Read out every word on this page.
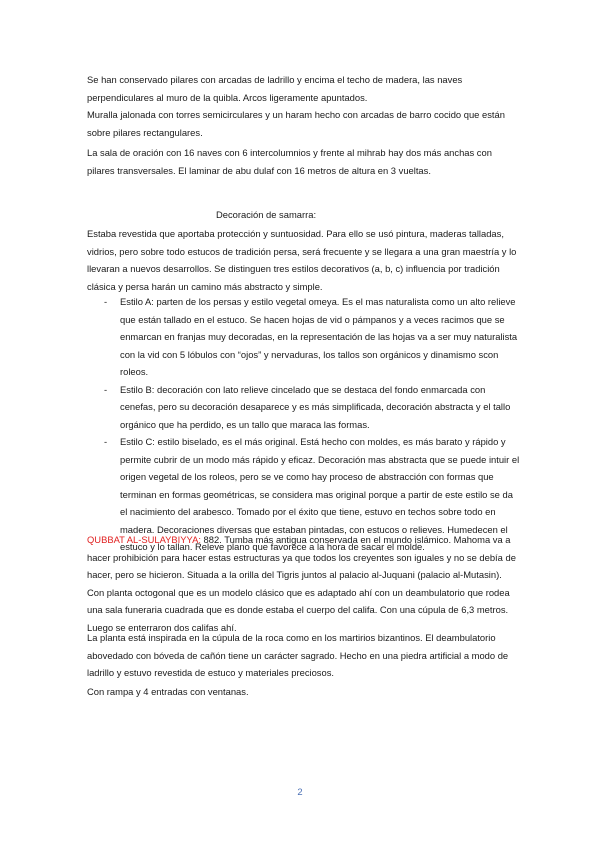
Se han conservado pilares con arcadas de ladrillo y encima el techo de madera, las naves perpendiculares al muro de la quibla. Arcos ligeramente apuntados.

Muralla jalonada con torres semicirculares y un haram hecho con arcadas de barro cocido que están sobre pilares rectangulares.

La sala de oración con 16 naves con 6 intercolumnios y frente al mihrab hay dos más anchas con pilares transversales. El laminar de abu dulaf con 16 metros de altura en 3 vueltas.

Decoración de samarra:

Estaba revestida que aportaba protección y suntuosidad. Para ello se usó pintura, maderas talladas, vidrios, pero sobre todo estucos de tradición persa, será frecuente y se llegara a una gran maestría y lo llevaran a nuevos desarrollos. Se distinguen tres estilos decorativos (a, b, c) influencia por tradición clásica y persa harán un camino más abstracto y simple.

- Estilo A: parten de los persas y estilo vegetal omeya. Es el mas naturalista como un alto relieve que están tallado en el estuco. Se hacen hojas de vid o pámpanos y a veces racimos que se enmarcan en franjas muy decoradas, en la representación de las hojas va a ser muy naturalista con la vid con 5 lóbulos con “ojos” y nervaduras, los tallos son orgánicos y dinamismo scon roleos.
- Estilo B: decoración con lato relieve cincelado que se destaca del fondo enmarcada con cenefas, pero su decoración desaparece y es más simplificada, decoración abstracta y el tallo orgánico que ha perdido, es un tallo que maraca las formas.
- Estilo C: estilo biselado, es el más original. Está hecho con moldes, es más barato y rápido y permite cubrir de un modo más rápido y eficaz. Decoración mas abstracta que se puede intuir el origen vegetal de los roleos, pero se ve como hay proceso de abstracción con formas que terminan en formas geométricas, se considera mas original porque a partir de este estilo se da el nacimiento del arabesco. Tomado por el éxito que tiene, estuvo en techos sobre todo en madera. Decoraciones diversas que estaban pintadas, con estucos o relieves. Humedecen el estuco y lo tallan. Releve plano que favorece a la hora de sacar el molde.

QUBBAT AL-SULAYBIYYA: 882. Tumba más antigua conservada en el mundo islámico. Mahoma va a hacer prohibición para hacer estas estructuras ya que todos los creyentes son iguales y no se debía de hacer, pero se hicieron. Situada a la orilla del Tigris juntos al palacio al-Juquani (palacio al-Mutasin). Con planta octogonal que es un modelo clásico que es adaptado ahí con un deambulatorio que rodea una sala funeraria cuadrada que es donde estaba el cuerpo del califa. Con una cúpula de 6,3 metros. Luego se enterraron dos califas ahí.

La planta está inspirada en la cúpula de la roca como en los martirios bizantinos. El deambulatorio abovedado con bóveda de cañón tiene un carácter sagrado. Hecho en una piedra artificial a modo de ladrillo y estuvo revestida de estuco y materiales preciosos.

Con rampa y 4 entradas con ventanas.

2
